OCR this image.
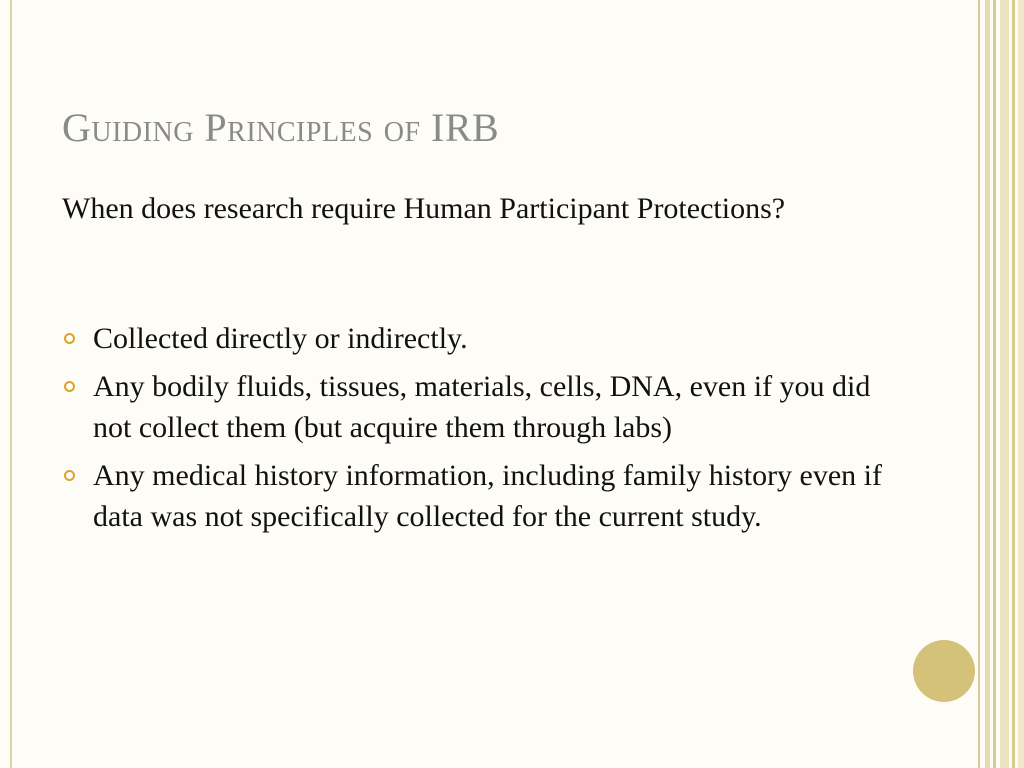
Guiding Principles of IRB

When does research require Human Participant Protections?

Collected directly or indirectly.
Any bodily fluids, tissues, materials, cells, DNA, even if you did not collect them (but acquire them through labs)
Any medical history information, including family history even if data was not specifically collected for the current study.
